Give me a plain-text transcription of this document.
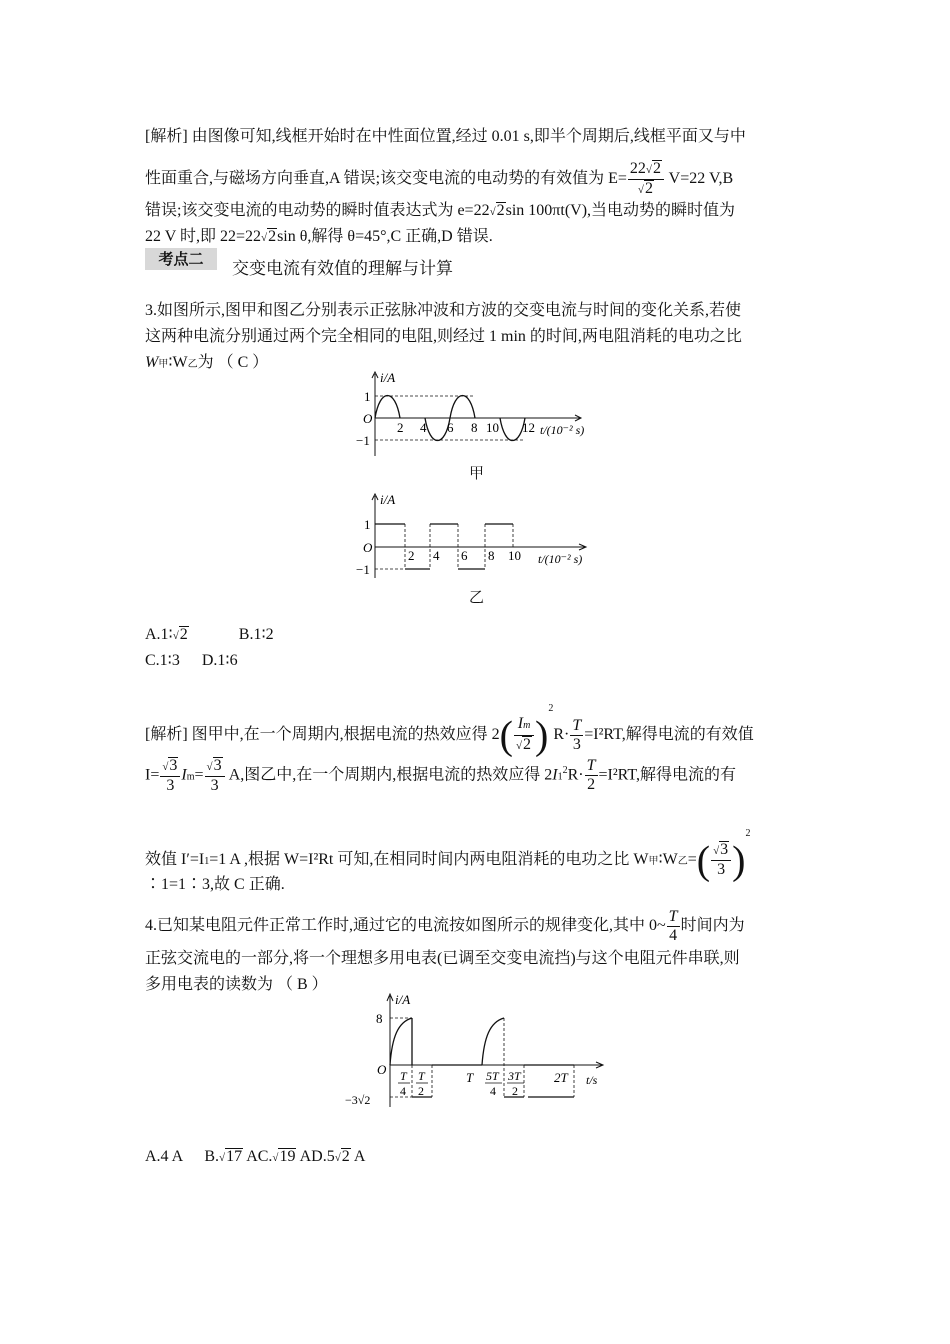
[解析] 由图像可知,线框开始时在中性面位置,经过 0.01 s,即半个周期后,线框平面又与中
性面重合,与磁场方向垂直,A 错误;该交变电流的电动势的有效值为 $E= \frac{22√2}{√2} V=22$ V,B
错误;该交变电流的电动势的瞬时值表达式为 e=22√2sin 100πt(V),当电动势的瞬时值为
22 V 时,即 22=22√2sin θ,解得 θ=45°,C 正确,D 错误.
考点二	交变电流有效值的理解与计算
3.如图所示,图甲和图乙分别表示正弦脉冲波和方波的交变电流与时间的变化关系,若使
这两种电流分别通过两个完全相同的电阻,则经过 1 min 的时间,两电阻消耗的电功之比
W甲∶W乙为 （ C ）
i/A
1
−1
O
2 4 6 8 10 12 t/(10⁻² s)
甲
i/A
1
−1
O
2 4 6 8 10 t/(10⁻² s)
乙
A.1∶√2	B.1∶2
C.1∶3 D.1∶6
[解析] 图甲中,在一个周期内,根据电流的热效应得 $2( \frac{Im}{√2} )^2R\cdot \frac{T}{3} =I^2RT$,解得电流的有效值
$I= \frac{√3}{3} Im= \frac{√3}{3} A$,图乙中,在一个周期内,根据电流的热效应得 $2I1^2R\cdot \frac{T}{2} =I^2RT$,解得电流的有
效值 I′=I1=1 A ,根据 W=I²Rt 可知,在相同时间内两电阻消耗的电功之比 W甲∶W乙=( $\frac{√3}{3} )^2$
∶1=1∶3,故 C 正确.
4.已知某电阻元件正常工作时,通过它的电流按如图所示的规律变化,其中 0~ $\frac{T}{4}$ 时间内为
正弦交流电的一部分,将一个理想多用电表(已调至交变电流挡)与这个电阻元件串联,则
多用电表的读数为 （ B ）
i/A
8
−3√2
O T
4
T
2
T 5T
4
3T
2
2T t/s
A.4 A B.√17 AC.√19 AD.5√2 A
